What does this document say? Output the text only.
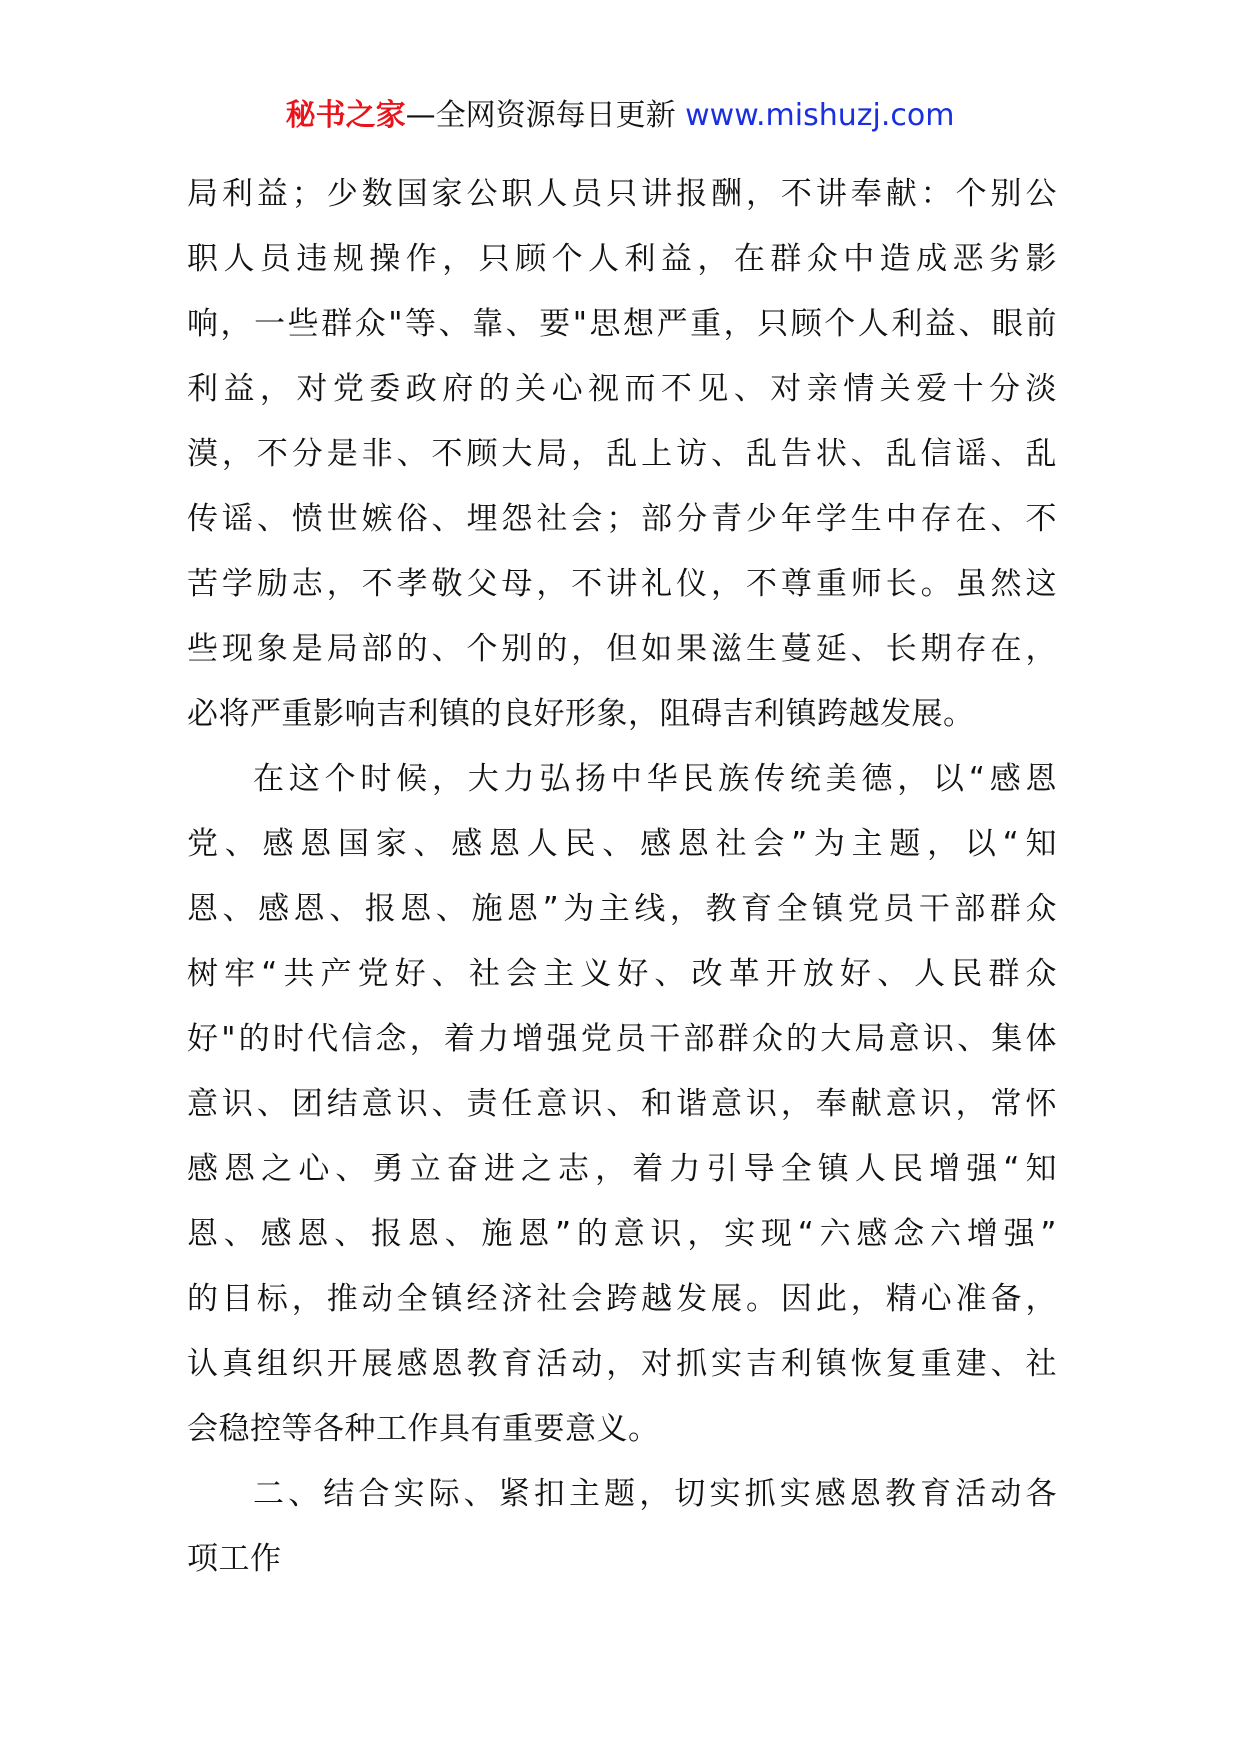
秘书之家—全网资源每日更新 www.mishuzj.com
局利益；少数国家公职人员只讲报酬，不讲奉献：个别公
职人员违规操作，只顾个人利益，在群众中造成恶劣影
响，一些群众"等、靠、要"思想严重，只顾个人利益、眼前
利益，对党委政府的关心视而不见、对亲情关爱十分淡
漠，不分是非、不顾大局，乱上访、乱告状、乱信谣、乱
传谣、愤世嫉俗、埋怨社会；部分青少年学生中存在、不
苦学励志，不孝敬父母，不讲礼仪，不尊重师长。虽然这
些现象是局部的、个别的，但如果滋生蔓延、长期存在，
必将严重影响吉利镇的良好形象，阻碍吉利镇跨越发展。
在这个时候，大力弘扬中华民族传统美德，以“感恩
党、感恩国家、感恩人民、感恩社会”为主题，以“知
恩、感恩、报恩、施恩”为主线，教育全镇党员干部群众
树牢“共产党好、社会主义好、改革开放好、人民群众
好"的时代信念，着力增强党员干部群众的大局意识、集体
意识、团结意识、责任意识、和谐意识，奉献意识，常怀
感恩之心、勇立奋进之志，着力引导全镇人民增强“知
恩、感恩、报恩、施恩”的意识，实现“六感念六增强”
的目标，推动全镇经济社会跨越发展。因此，精心准备，
认真组织开展感恩教育活动，对抓实吉利镇恢复重建、社
会稳控等各种工作具有重要意义。
二、结合实际、紧扣主题，切实抓实感恩教育活动各
项工作
